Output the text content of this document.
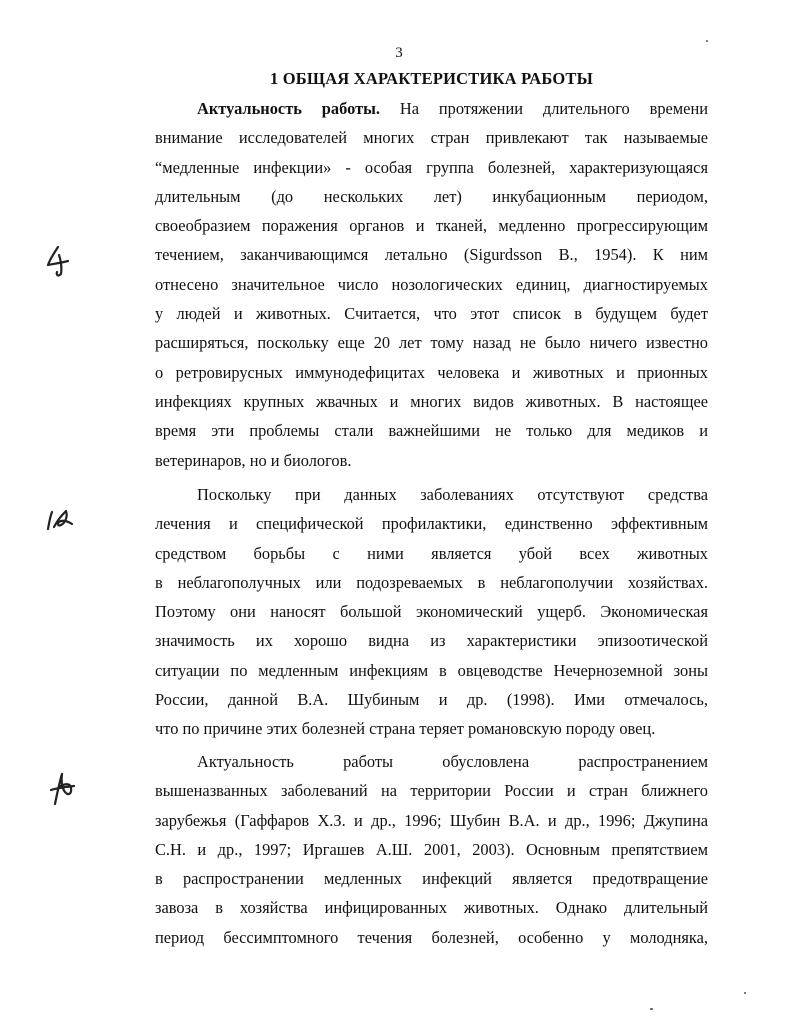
3
1 ОБЩАЯ ХАРАКТЕРИСТИКА РАБОТЫ
Актуальность работы. На протяжении длительного времени
внимание исследователей многих стран привлекают так называемые
“медленные инфекции» - особая группа болезней, характеризующаяся
длительным (до нескольких лет) инкубационным периодом,
своеобразием поражения органов и тканей, медленно прогрессирующим
течением, заканчивающимся летально (Sigurdsson B., 1954). К ним
отнесено значительное число нозологических единиц, диагностируемых
у людей и животных. Считается, что этот список в будущем будет
расширяться, поскольку еще 20 лет тому назад не было ничего известно
о ретровирусных иммунодефицитах человека и животных и прионных
инфекциях крупных жвачных и многих видов животных. В настоящее
время эти проблемы стали важнейшими не только для медиков и
ветеринаров, но и биологов.
Поскольку при данных заболеваниях отсутствуют средства
лечения и специфической профилактики, единственно эффективным
средством борьбы с ними является убой всех животных
в неблагополучных или подозреваемых в неблагополучии хозяйствах.
Поэтому они наносят большой экономический ущерб. Экономическая
значимость их хорошо видна из характеристики эпизоотической
ситуации по медленным инфекциям в овцеводстве Нечерноземной зоны
России, данной В.А. Шубиным и др. (1998). Ими отмечалось,
что по причине этих болезней страна теряет романовскую породу овец.
Актуальность работы обусловлена распространением
вышеназванных заболеваний на территории России и стран ближнего
зарубежья (Гаффаров Х.З. и др., 1996; Шубин В.А. и др., 1996; Джупина
С.Н. и др., 1997; Иргашев А.Ш. 2001, 2003). Основным препятствием
в распространении медленных инфекций является предотвращение
завоза в хозяйства инфицированных животных. Однако длительный
период бессимптомного течения болезней, особенно у молодняка,
